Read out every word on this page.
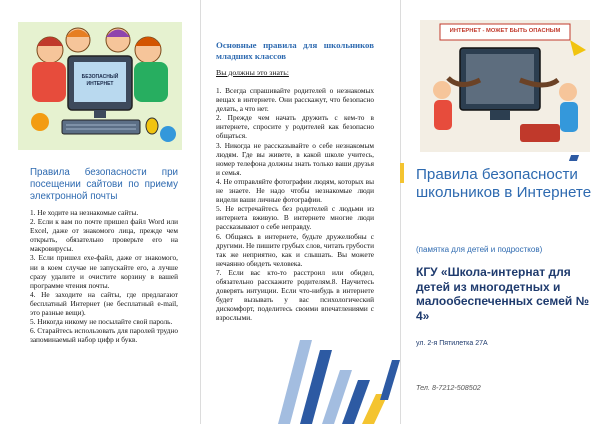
БЕЗОПАСНЫЙ ИНТЕРНЕТ
Правила безопасности при посещении сайтови по приему электронной почты
1. Не ходите на незнакомые сайты.
2. Если к вам по почте пришел файл Word или Excel, даже от знакомого лица, прежде чем открыть, обязательно проверьте его на макровирусы.
3. Если пришел exe-файл, даже от знакомого, ни в коем случае не запускайте его, а лучше сразу удалите и очистите корзину в вашей программе чтения почты.
4. Не заходите на сайты, где предлагают бесплатный Интернет (не бесплатный e-mail, это разные вещи).
5. Никогда никому не посылайте свой пароль.
6. Старайтесь использовать для паролей трудно запоминаемый набор цифр и букв.
Основные правила для школьников младших классов
Вы должны это знать:
1. Всегда спрашивайте родителей о незнакомых вещах в интернете. Они расскажут, что безопасно делать, а что нет.
2. Прежде чем начать дружить с кем-то в интернете, спросите у родителей как безопасно общаться.
3. Никогда не рассказывайте о себе незнакомым людям. Где вы живете, в какой школе учитесь, номер телефона должны знать только ваши друзья и семья.
4. Не отправляйте фотографии людям, которых вы не знаете. Не надо чтобы незнакомые люди видели ваши личные фотографии.
5. Не встречайтесь без родителей с людьми из интернета вживую. В интернете многие люди рассказывают о себе неправду.
6. Общаясь в интернете, будьте дружелюбны с другими. Не пишите грубых слов, читать грубости так же неприятно, как и слышать. Вы можете нечаянно обидеть человека.
7. Если вас кто-то расстроил или обидел, обязательно расскажите родителям.8. Научитесь доверять интуиции. Если что-нибудь в интернете будет вызывать у вас психологический дискомфорт, поделитесь своими впечатлениями с взрослыми.
ИНТЕРНЕТ - МОЖЕТ БЫТЬ ОПАСНЫМ
Правила безопасности школьников в Интернете
(памятка для детей и подростков)
КГУ «Школа-интернат для детей из многодетных и малообеспеченных семей № 4»
ул. 2-я Пятилетка 27А
Тел. 8-7212-508502
